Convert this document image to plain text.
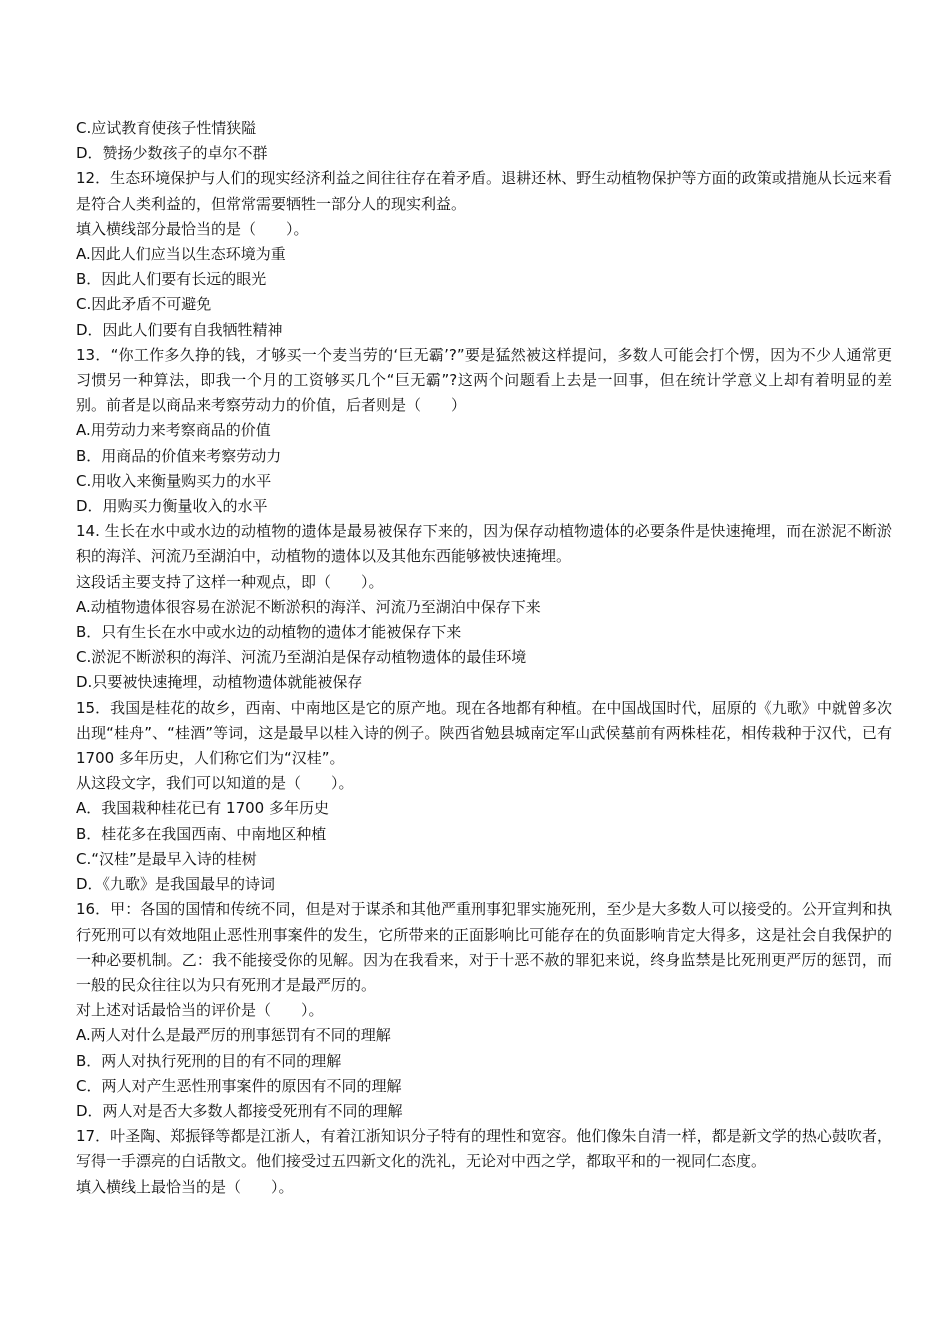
C.应试教育使孩子性情狭隘

D．赞扬少数孩子的卓尔不群

12．生态环境保护与人们的现实经济利益之间往往存在着矛盾。退耕还林、野生动植物保护等方面的政策或措施从长远来看是符合人类利益的，但常常需要牺牲一部分人的现实利益。

填入横线部分最恰当的是（　　）。

A.因此人们应当以生态环境为重

B．因此人们要有长远的眼光

C.因此矛盾不可避免

D．因此人们要有自我牺牲精神

13．“你工作多久挣的钱，才够买一个麦当劳的‘巨无霸’?”要是猛然被这样提问，多数人可能会打个愣，因为不少人通常更习惯另一种算法，即我一个月的工资够买几个“巨无霸”?这两个问题看上去是一回事，但在统计学意义上却有着明显的差别。前者是以商品来考察劳动力的价值，后者则是（　　）

A.用劳动力来考察商品的价值

B．用商品的价值来考察劳动力

C.用收入来衡量购买力的水平

D．用购买力衡量收入的水平

14. 生长在水中或水边的动植物的遗体是最易被保存下来的，因为保存动植物遗体的必要条件是快速掩埋，而在淤泥不断淤积的海洋、河流乃至湖泊中，动植物的遗体以及其他东西能够被快速掩埋。

这段话主要支持了这样一种观点，即（　　）。

A.动植物遗体很容易在淤泥不断淤积的海洋、河流乃至湖泊中保存下来

B．只有生长在水中或水边的动植物的遗体才能被保存下来

C.淤泥不断淤积的海洋、河流乃至湖泊是保存动植物遗体的最佳环境

D.只要被快速掩埋，动植物遗体就能被保存

15．我国是桂花的故乡，西南、中南地区是它的原产地。现在各地都有种植。在中国战国时代，屈原的《九歌》中就曾多次出现“桂舟”、“桂酒”等词，这是最早以桂入诗的例子。陕西省勉县城南定军山武侯墓前有两株桂花，相传栽种于汉代，已有 1700 多年历史，人们称它们为“汉桂”。

从这段文字，我们可以知道的是（　　）。

A．我国栽种桂花已有 1700 多年历史

B．桂花多在我国西南、中南地区种植

C.“汉桂”是最早入诗的桂树

D．《九歌》是我国最早的诗词

16．甲：各国的国情和传统不同，但是对于谋杀和其他严重刑事犯罪实施死刑，至少是大多数人可以接受的。公开宣判和执行死刑可以有效地阻止恶性刑事案件的发生，它所带来的正面影响比可能存在的负面影响肯定大得多，这是社会自我保护的一种必要机制。乙：我不能接受你的见解。因为在我看来，对于十恶不赦的罪犯来说，终身监禁是比死刑更严厉的惩罚，而一般的民众往往以为只有死刑才是最严厉的。

对上述对话最恰当的评价是（　　）。

A.两人对什么是最严厉的刑事惩罚有不同的理解

B．两人对执行死刑的目的有不同的理解

C．两人对产生恶性刑事案件的原因有不同的理解

D．两人对是否大多数人都接受死刑有不同的理解

17．叶圣陶、郑振铎等都是江浙人，有着江浙知识分子特有的理性和宽容。他们像朱自清一样，都是新文学的热心鼓吹者，写得一手漂亮的白话散文。他们接受过五四新文化的洗礼，无论对中西之学，都取平和的一视同仁态度。

填入横线上最恰当的是（　　）。
